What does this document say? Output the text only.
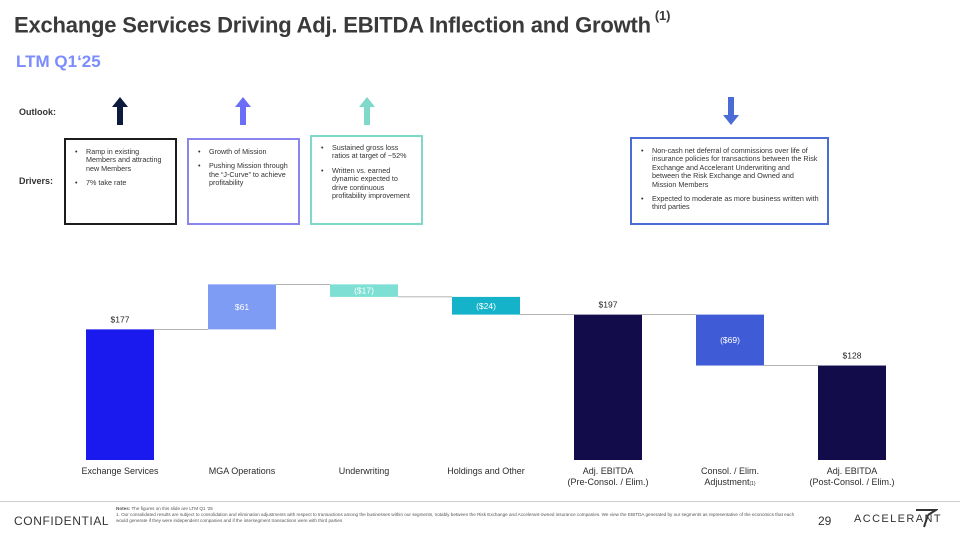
Exchange Services Driving Adj. EBITDA Inflection and Growth $^{(1)}$
LTM Q1‘25
Outlook:
Drivers:
• Ramp in existing Members and attracting new Members
• 7% take rate
• Growth of Mission
• Pushing Mission through the “J-Curve” to achieve profitability
• Sustained gross loss ratios at target of ~52%
• Written vs. earned dynamic expected to drive continuous profitability improvement
• Non-cash net deferral of commissions over life of insurance policies for transactions between the Risk Exchange and Accelerant Underwriting and between the Risk Exchange and Owned and Mission Members
• Expected to moderate as more business written with third parties
$177
Exchange Services
$61
MGA Operations
($17)
Underwriting
($24)
Holdings and Other
$197
Adj. EBITDA
(Pre-Consol. / Elim.)
($69)
Consol. / Elim.
Adjustment(1)
$128
Adj. EBITDA
(Post-Consol. / Elim.)
CONFIDENTIAL
Notes: The figures on this slide are LTM Q1 ’25
1. Our consolidated results are subject to consolidation and elimination adjustments with respect to transactions among the businesses within our segments, notably between the Risk Exchange and Accelerant-owned insurance companies. We view the EBITDA generated by our segments as representative of the economics that each would generate if they were independent companies and if the intersegment transactions were with third parties	29 ACCELERANT
